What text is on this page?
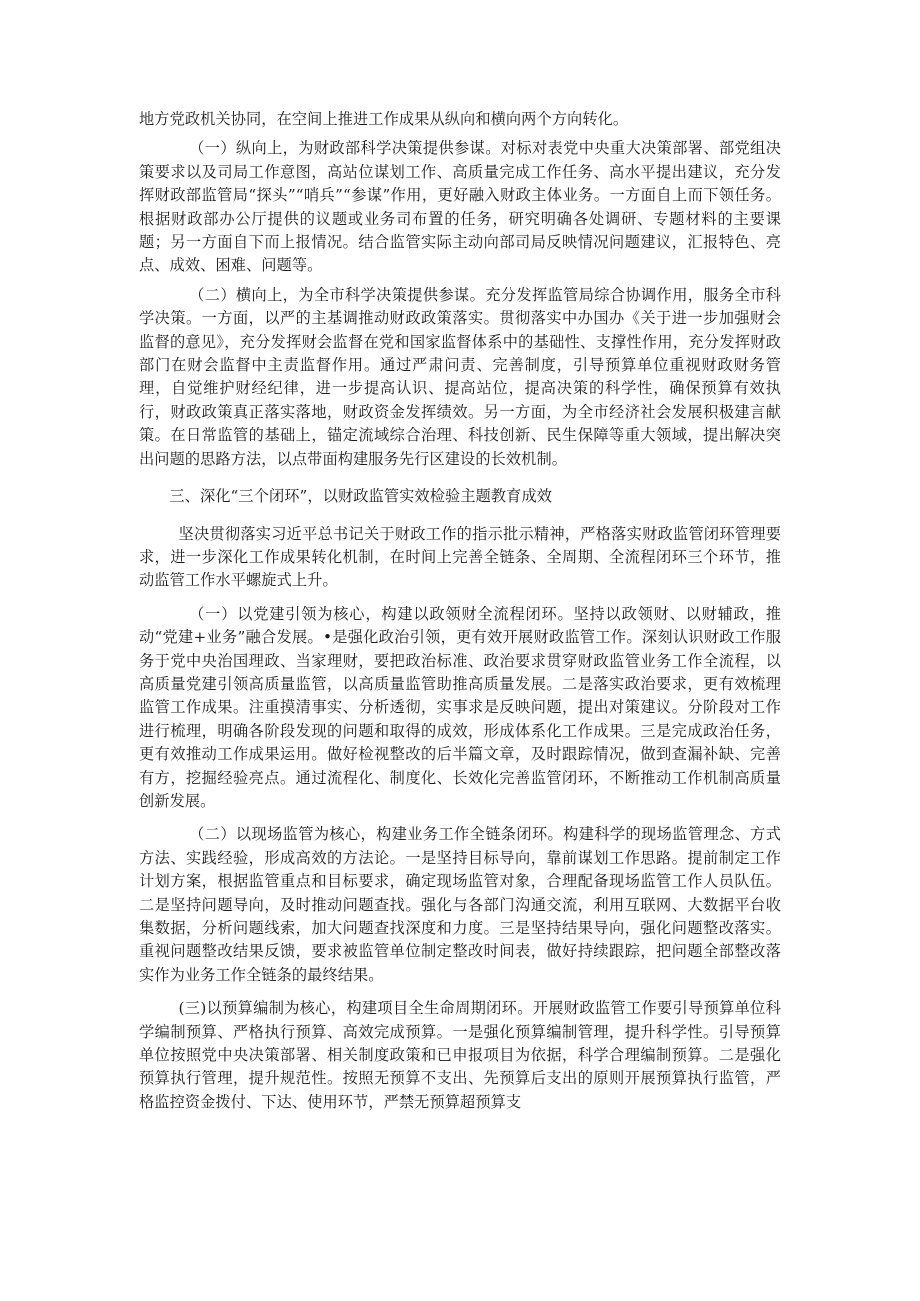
地方党政机关协同，在空间上推进工作成果从纵向和横向两个方向转化。

（一）纵向上，为财政部科学决策提供参谋。对标对表党中央重大决策部署、部党组决策要求以及司局工作意图，高站位谋划工作、高质量完成工作任务、高水平提出建议，充分发挥财政部监管局“探头”“哨兵”“参谋”作用，更好融入财政主体业务。一方面自上而下领任务。根据财政部办公厅提供的议题或业务司布置的任务，研究明确各处调研、专题材料的主要课题；另一方面自下而上报情况。结合监管实际主动向部司局反映情况问题建议，汇报特色、亮点、成效、困难、问题等。

（二）横向上，为全市科学决策提供参谋。充分发挥监管局综合协调作用，服务全市科学决策。一方面，以严的主基调推动财政政策落实。贯彻落实中办国办《关于进一步加强财会监督的意见》，充分发挥财会监督在党和国家监督体系中的基础性、支撑性作用，充分发挥财政部门在财会监督中主责监督作用。通过严肃问责、完善制度，引导预算单位重视财政财务管理，自觉维护财经纪律，进一步提高认识、提高站位，提高决策的科学性，确保预算有效执行，财政政策真正落实落地，财政资金发挥绩效。另一方面，为全市经济社会发展积极建言献策。在日常监管的基础上，锚定流域综合治理、科技创新、民生保障等重大领域，提出解决突出问题的思路方法，以点带面构建服务先行区建设的长效机制。

三、深化“三个闭环”，以财政监管实效检验主题教育成效

坚决贯彻落实习近平总书记关于财政工作的指示批示精神，严格落实财政监管闭环管理要求，进一步深化工作成果转化机制，在时间上完善全链条、全周期、全流程闭环三个环节，推动监管工作水平螺旋式上升。

（一）以党建引领为核心，构建以政领财全流程闭环。坚持以政领财、以财辅政，推动“党建+业务”融合发展。•是强化政治引领，更有效开展财政监管工作。深刻认识财政工作服务于党中央治国理政、当家理财，要把政治标准、政治要求贯穿财政监管业务工作全流程，以高质量党建引领高质量监管，以高质量监管助推高质量发展。二是落实政治要求，更有效梳理监管工作成果。注重摸清事实、分析透彻，实事求是反映问题，提出对策建议。分阶段对工作进行梳理，明确各阶段发现的问题和取得的成效，形成体系化工作成果。三是完成政治任务，更有效推动工作成果运用。做好检视整改的后半篇文章，及时跟踪情况，做到查漏补缺、完善有方，挖掘经验亮点。通过流程化、制度化、长效化完善监管闭环，不断推动工作机制高质量创新发展。

（二）以现场监管为核心，构建业务工作全链条闭环。构建科学的现场监管理念、方式方法、实践经验，形成高效的方法论。一是坚持目标导向，靠前谋划工作思路。提前制定工作计划方案，根据监管重点和目标要求，确定现场监管对象，合理配备现场监管工作人员队伍。二是坚持问题导向，及时推动问题查找。强化与各部门沟通交流，利用互联网、大数据平台收集数据，分析问题线索，加大问题查找深度和力度。三是坚持结果导向，强化问题整改落实。重视问题整改结果反馈，要求被监管单位制定整改时间表，做好持续跟踪，把问题全部整改落实作为业务工作全链条的最终结果。

(三)以预算编制为核心，构建项目全生命周期闭环。开展财政监管工作要引导预算单位科学编制预算、严格执行预算、高效完成预算。一是强化预算编制管理，提升科学性。引导预算单位按照党中央决策部署、相关制度政策和已申报项目为依据，科学合理编制预算。二是强化预算执行管理，提升规范性。按照无预算不支出、先预算后支出的原则开展预算执行监管，严格监控资金拨付、下达、使用环节，严禁无预算超预算支
